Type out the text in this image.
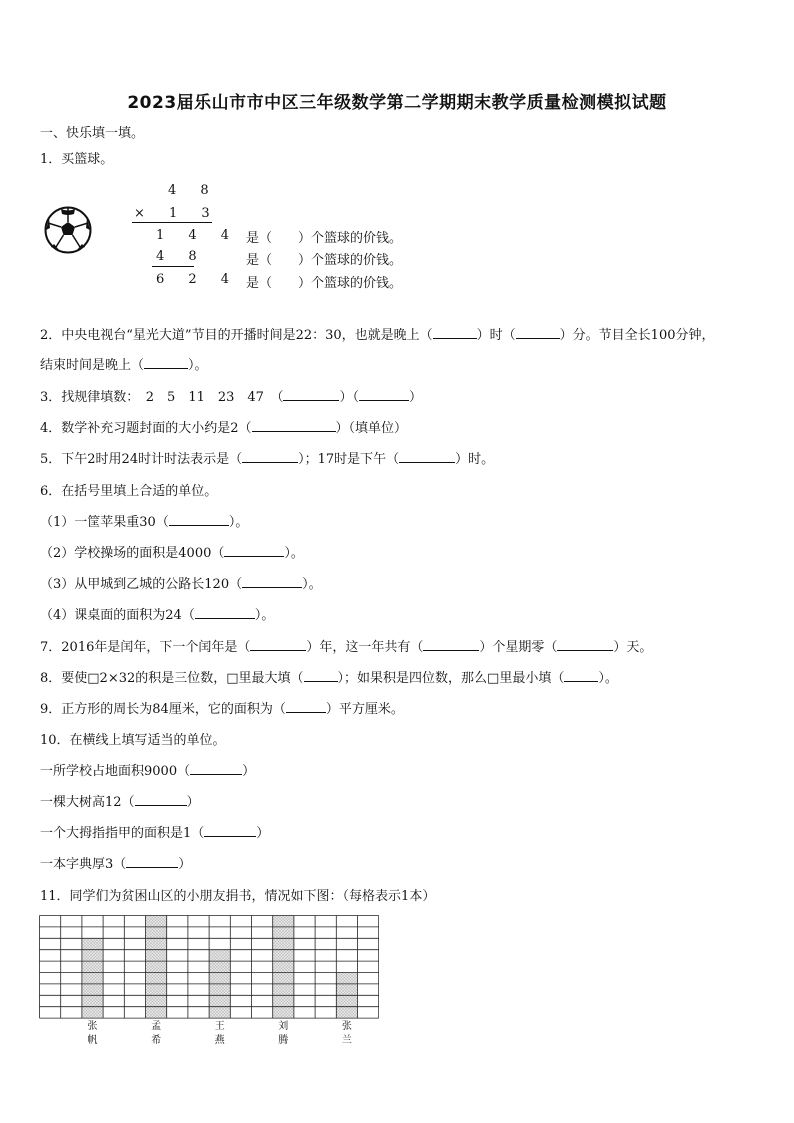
2023届乐山市市中区三年级数学第二学期期末教学质量检测模拟试题
一、快乐填一填。
1．买篮球。
4 8
× 1 3
1 4 4
4 8
6 2 4
是（　　）个篮球的价钱。
是（　　）个篮球的价钱。
是（　　）个篮球的价钱。
2．中央电视台“星光大道”节目的开播时间是22：30，也就是晚上（	）时（	）分。节目全长100分钟，
结束时间是晚上（	）。
3．找规律填数：　2　5　11　23　47　（	）（	）
4．数学补充习题封面的大小约是2（	）（填单位）
5．下午2时用24时计时法表示是（	）；17时是下午（	）时。
6．在括号里填上合适的单位。
（1）一筐苹果重30（	）。
（2）学校操场的面积是4000（	）。
（3）从甲城到乙城的公路长120（	）。
（4）课桌面的面积为24（	）。
7．2016年是闰年，下一个闰年是（	）年，这一年共有（	）个星期零（	）天。
8．要使□2×32的积是三位数，□里最大填（	）；如果积是四位数，那么□里最小填（	）。
9．正方形的周长为84厘米，它的面积为（	）平方厘米。
10．在横线上填写适当的单位。
一所学校占地面积9000（	）
一棵大树高12（	）
一个大拇指指甲的面积是1（	）
一本字典厚3（	）
11．同学们为贫困山区的小朋友捐书，情况如下图：（每格表示1本）
张
帆
孟
希
王
燕
刘
腾
张
兰
